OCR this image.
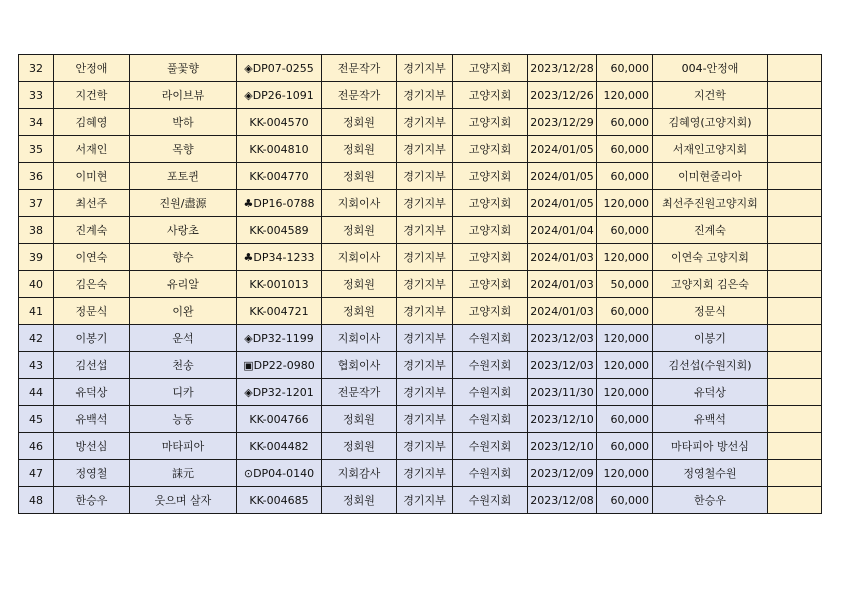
32	안정애	풀꽃향	◈DP07-0255	전문작가	경기지부	고양지회	2023/12/28	60,000	004-안정애	
33	지건학	라이브뷰	◈DP26-1091	전문작가	경기지부	고양지회	2023/12/26	120,000	지건학	
34	김혜영	박하	KK-004570	정회원	경기지부	고양지회	2023/12/29	60,000	김혜영(고양지회)	
35	서재인	목향	KK-004810	정회원	경기지부	고양지회	2024/01/05	60,000	서재인고양지회	
36	이미현	포토퀸	KK-004770	정회원	경기지부	고양지회	2024/01/05	60,000	이미현줄리아	
37	최선주	진원/盡源	♣DP16-0788	지회이사	경기지부	고양지회	2024/01/05	120,000	최선주진원고양지회	
38	진계숙	사랑초	KK-004589	정회원	경기지부	고양지회	2024/01/04	60,000	진계숙	
39	이연숙	향수	♣DP34-1233	지회이사	경기지부	고양지회	2024/01/03	120,000	이연숙 고양지회	
40	김은숙	유리알	KK-001013	정회원	경기지부	고양지회	2024/01/03	50,000	고양지회 김은숙	
41	정문식	이완	KK-004721	정회원	경기지부	고양지회	2024/01/03	60,000	정문식	
42	이봉기	운석	◈DP32-1199	지회이사	경기지부	수원지회	2023/12/03	120,000	이봉기	
43	김선섭	천송	▣DP22-0980	협회이사	경기지부	수원지회	2023/12/03	120,000	김선섭(수원지회)	
44	유덕상	디카	◈DP32-1201	전문작가	경기지부	수원지회	2023/11/30	120,000	유덕상	
45	유백석	능동	KK-004766	정회원	경기지부	수원지회	2023/12/10	60,000	유백석	
46	방선심	마타피아	KK-004482	정회원	경기지부	수원지회	2023/12/10	60,000	마타피아 방선심	
47	정영철	誄元	⊙DP04-0140	지회감사	경기지부	수원지회	2023/12/09	120,000	정영철수원	
48	한승우	웃으며 살자	KK-004685	정회원	경기지부	수원지회	2023/12/08	60,000	한승우	
